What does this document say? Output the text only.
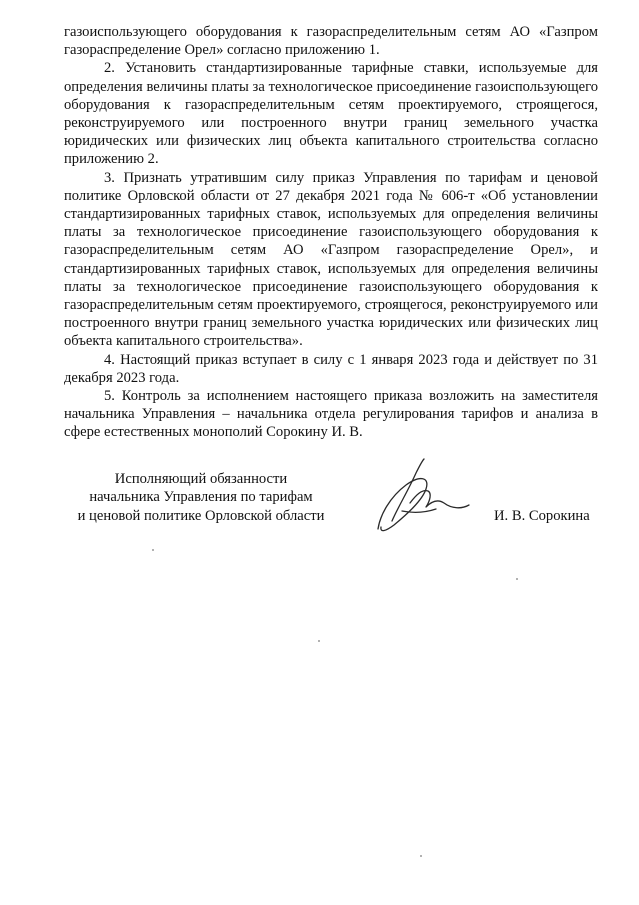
газоиспользующего оборудования к газораспределительным сетям АО «Газпром газораспределение Орел» согласно приложению 1.

2. Установить стандартизированные тарифные ставки, используемые для определения величины платы за технологическое присоединение газоиспользующего оборудования к газораспределительным сетям проектируемого, строящегося, реконструируемого или построенного внутри границ земельного участка юридических или физических лиц объекта капитального строительства согласно приложению 2.

3. Признать утратившим силу приказ Управления по тарифам и ценовой политике Орловской области от 27 декабря 2021 года № 606-т «Об установлении стандартизированных тарифных ставок, используемых для определения величины платы за технологическое присоединение газоиспользующего оборудования к газораспределительным сетям АО «Газпром газораспределение Орел», и стандартизированных тарифных ставок, используемых для определения величины платы за технологическое присоединение газоиспользующего оборудования к газораспределительным сетям проектируемого, строящегося, реконструируемого или построенного внутри границ земельного участка юридических или физических лиц объекта капитального строительства».

4. Настоящий приказ вступает в силу с 1 января 2023 года и действует по 31 декабря 2023 года.

5. Контроль за исполнением настоящего приказа возложить на заместителя начальника Управления – начальника отдела регулирования тарифов и анализа в сфере естественных монополий Сорокину И. В.

Исполняющий обязанности
начальника Управления по тарифам
и ценовой политике Орловской области	И. В. Сорокина
